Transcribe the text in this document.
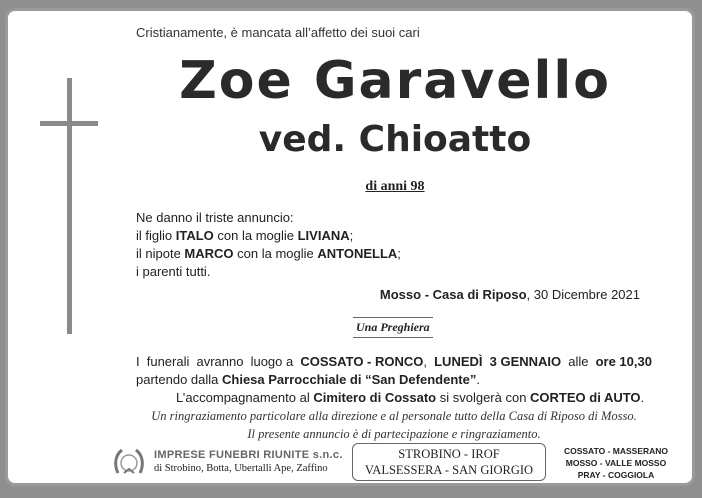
Cristianamente, è mancata all’affetto dei suoi cari
Zoe Garavello
ved. Chioatto
di anni 98
Ne danno il triste annuncio:
il figlio ITALO con la moglie LIVIANA;
il nipote MARCO con la moglie ANTONELLA;
i parenti tutti.
Mosso - Casa di Riposo, 30 Dicembre 2021
Una Preghiera
I funerali avranno luogo a COSSATO - RONCO, LUNEDÌ 3 GENNAIO alle ore 10,30
partendo dalla Chiesa Parrocchiale di “San Defendente”.
L’accompagnamento al Cimitero di Cossato si svolgerà con CORTEO di AUTO.
Un ringraziamento particolare alla direzione e al personale tutto della Casa di Riposo di Mosso.
Il presente annuncio è di partecipazione e ringraziamento.
IMPRESE FUNEBRI RIUNITE s.n.c.
di Strobino, Botta, Ubertalli Ape, Zaffino
STROBINO - IROF
VALSESSERA - SAN GIORGIO
COSSATO - MASSERANO
MOSSO - VALLE MOSSO
PRAY - COGGIOLA
